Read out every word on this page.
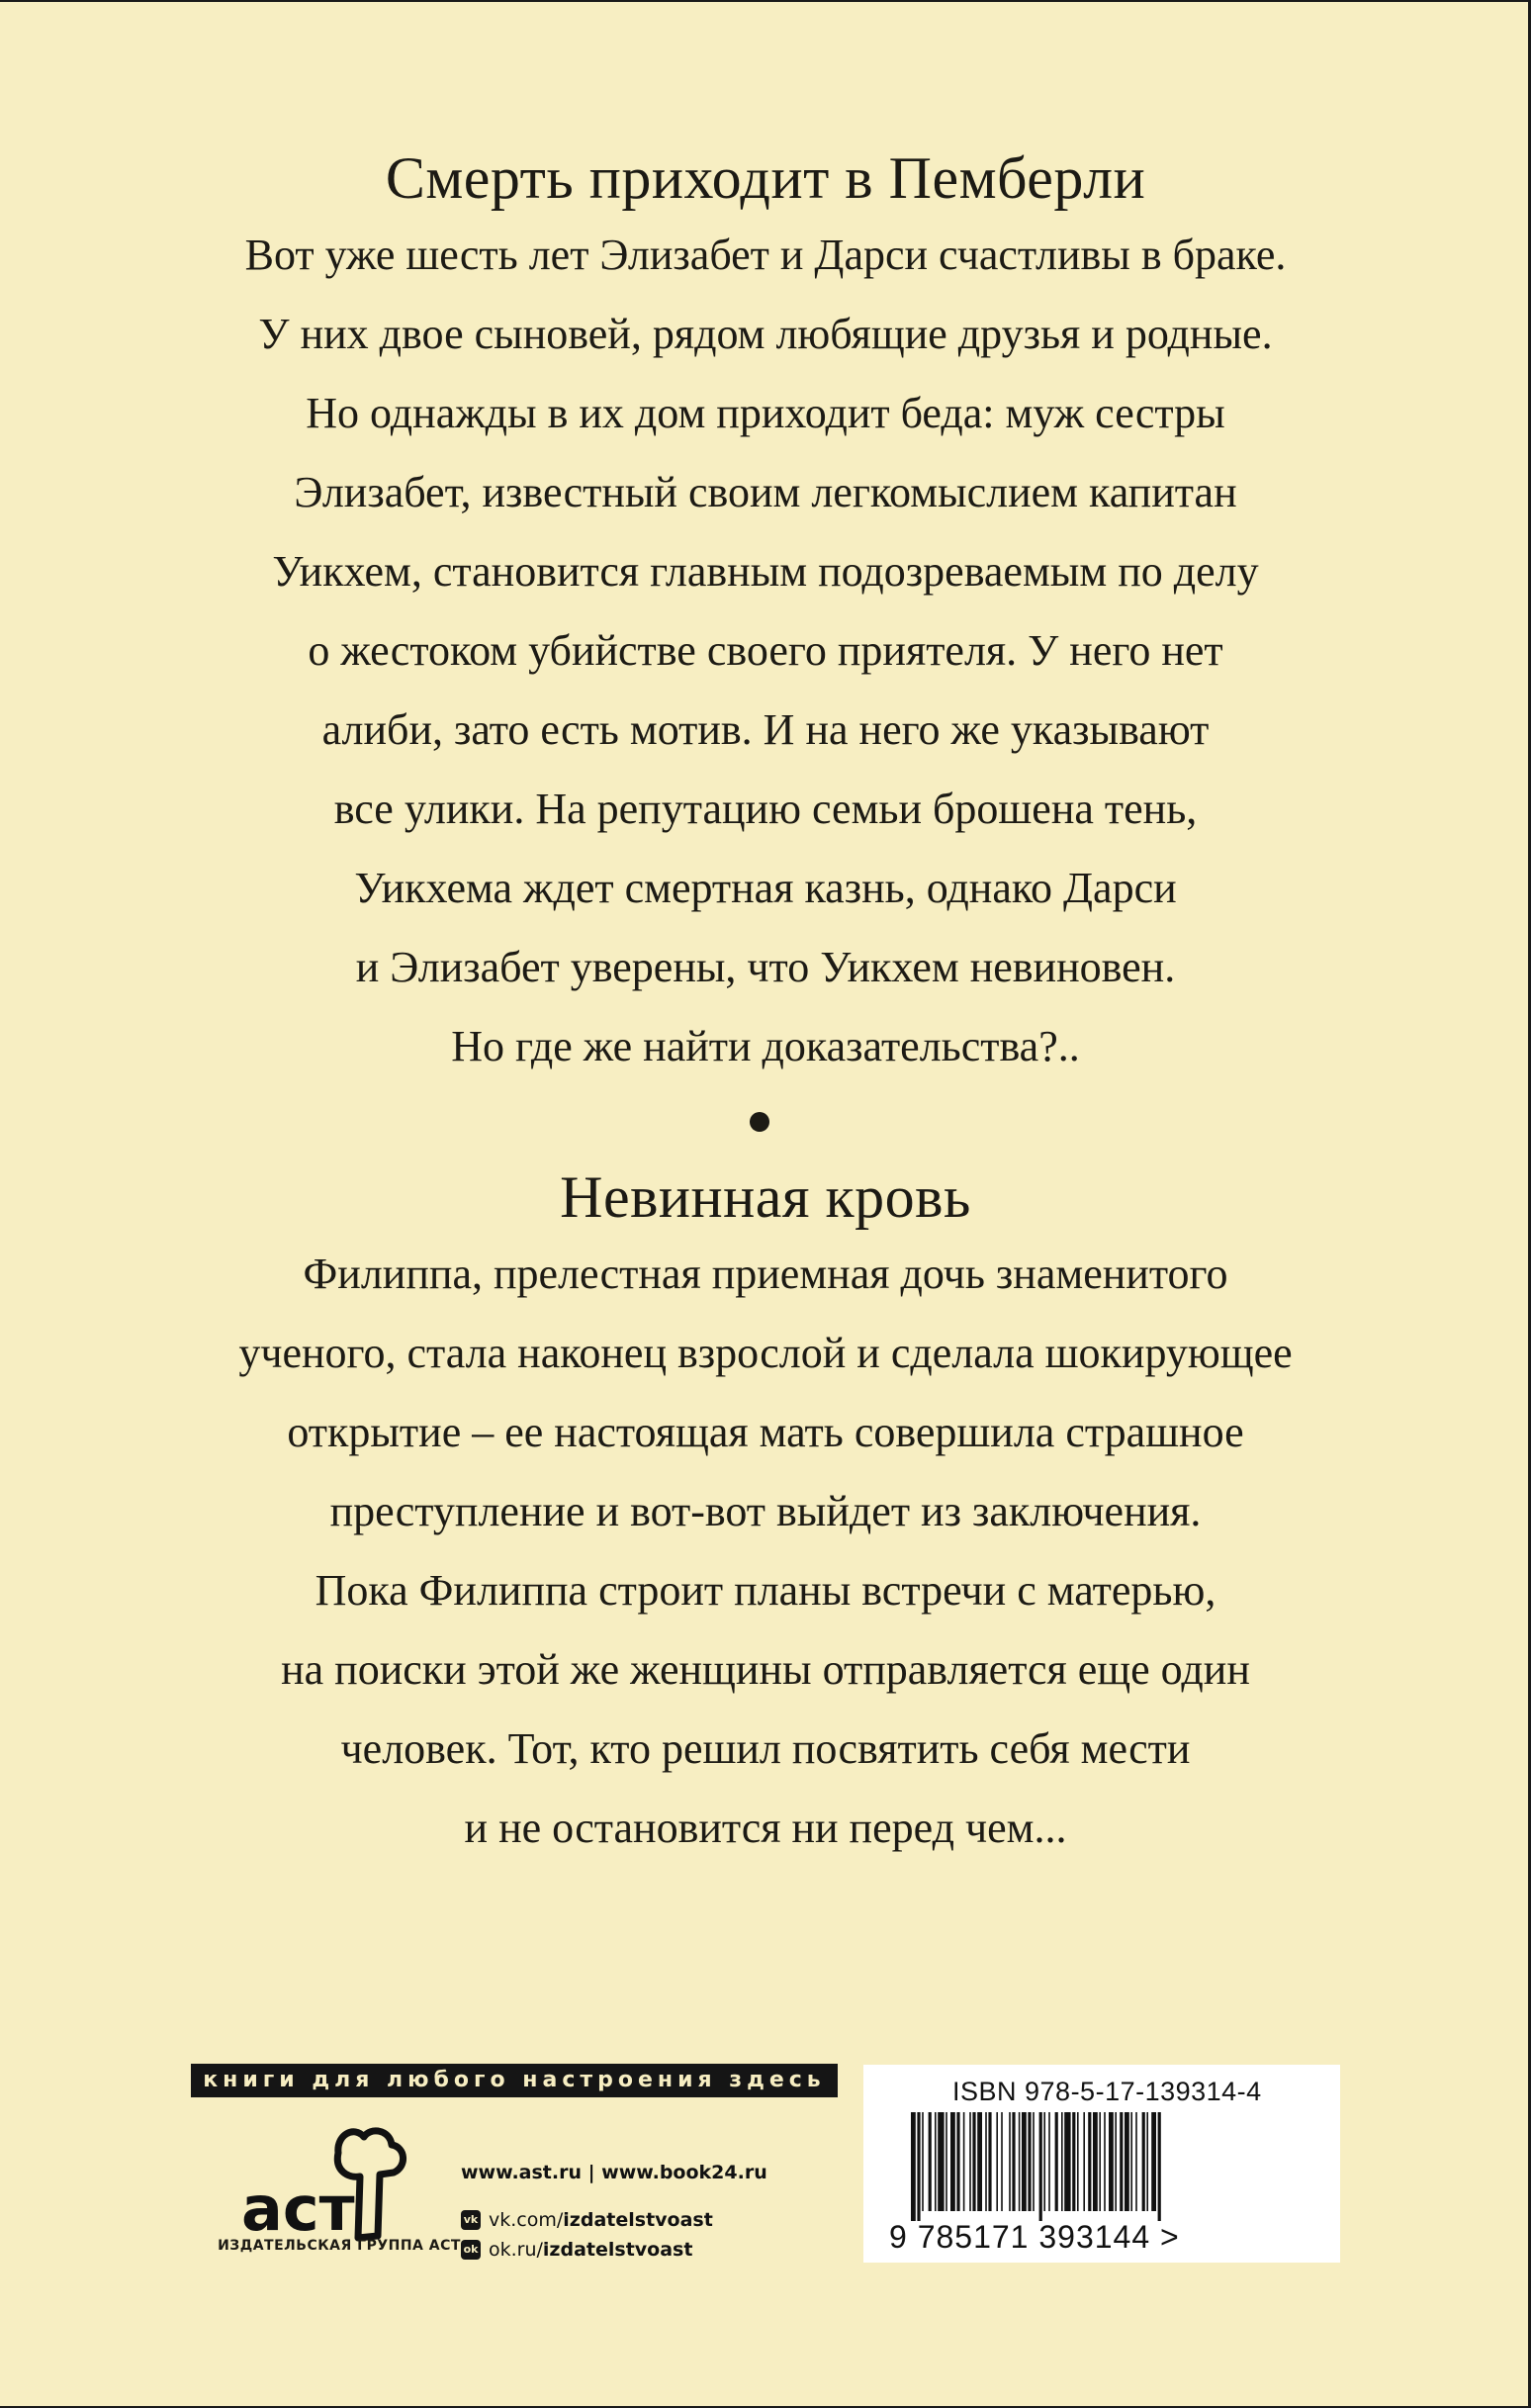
Смерть приходит в Пемберли

Вот уже шесть лет Элизабет и Дарси счастливы в браке.

У них двое сыновей, рядом любящие друзья и родные.

Но однажды в их дом приходит беда: муж сестры

Элизабет, известный своим легкомыслием капитан

Уикхем, становится главным подозреваемым по делу

о жестоком убийстве своего приятеля. У него нет

алиби, зато есть мотив. И на него же указывают

все улики. На репутацию семьи брошена тень,

Уикхема ждет смертная казнь, однако Дарси

и Элизабет уверены, что Уикхем невиновен.

Но где же найти доказательства?..

Невинная кровь

Филиппа, прелестная приемная дочь знаменитого

ученого, стала наконец взрослой и сделала шокирующее

открытие – ее настоящая мать совершила страшное

преступление и вот-вот выйдет из заключения.

Пока Филиппа строит планы встречи с матерью,

на поиски этой же женщины отправляется еще один

человек. Тот, кто решил посвятить себя мести

и не остановится ни перед чем...

книги для любого настроения здесь
аст
ИЗДАТЕЛЬСКАЯ ГРУППА АСТ
www.ast.ru | www.book24.ru
vk vk.com/ izdatelstvoast
ok ok.ru/ izdatelstvoast
ISBN 978-5-17-139314-4
9 785171 393144 >
